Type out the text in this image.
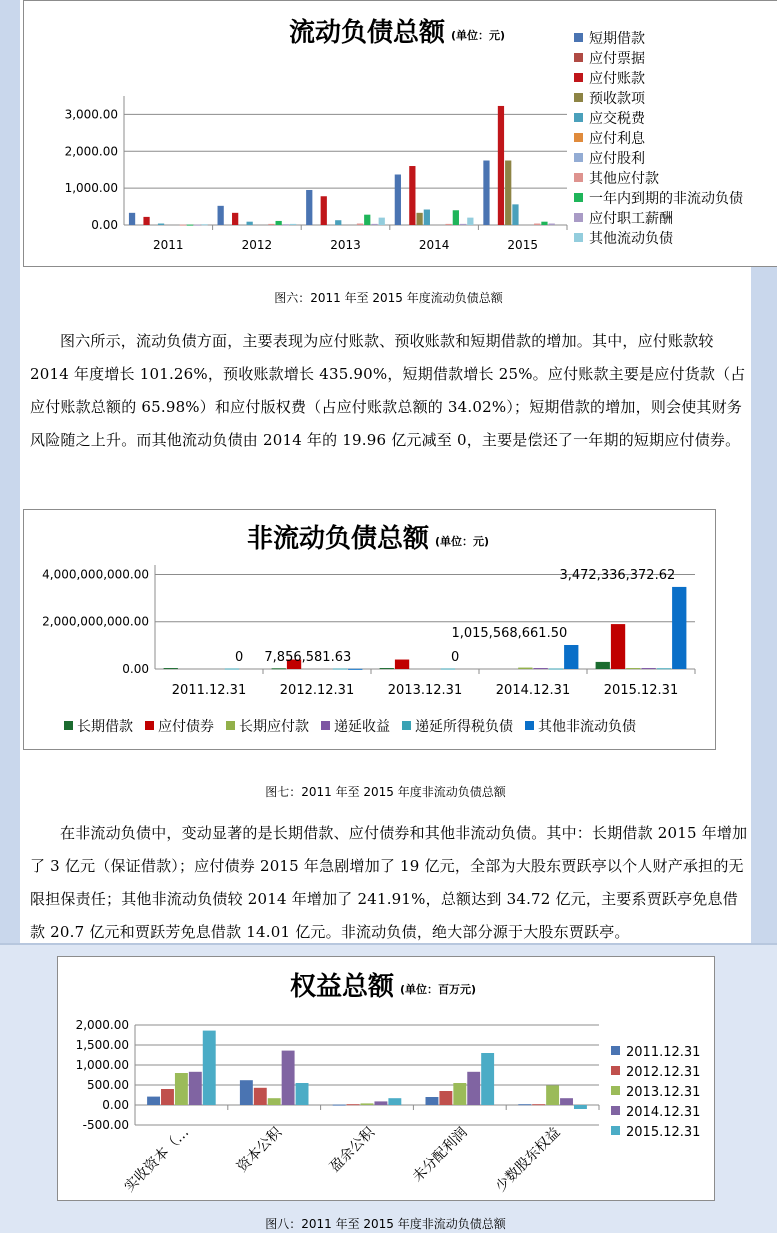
流动负债总额 (单位：元)
0.00
1,000.00
2,000.00
3,000.00
2011	2012	2013	2014	2015
短期借款
应付票据
应付账款
预收款项
应交税费
应付利息
应付股利
其他应付款
一年内到期的非流动负债
应付职工薪酬
其他流动负债
图六：2011 年至 2015 年度流动负债总额
图六所示，流动负债方面，主要表现为应付账款、预收账款和短期借款的增加。其中，应付账款较 2014 年度增长 101.26%，预收账款增长 435.90%，短期借款增长 25%。应付账款主要是应付货款（占应付账款总额的 65.98%）和应付版权费（占应付账款总额的 34.02%）；短期借款的增加，则会使其财务风险随之上升。而其他流动负债由 2014 年的 19.96 亿元减至 0，主要是偿还了一年期的短期应付债券。
非流动负债总额 (单位：元)
0.00
2,000,000,000.00
4,000,000,000.00
2011.12.31
0
2012.12.31
7,856,581.63
2013.12.31
0
2014.12.31
1,015,568,661.50
2015.12.31
3,472,336,372.62
长期借款 应付债券 长期应付款 递延收益 递延所得税负债 其他非流动负债
图七：2011 年至 2015 年度非流动负债总额
在非流动负债中，变动显著的是长期借款、应付债券和其他非流动负债。其中：长期借款 2015 年增加了 3 亿元（保证借款）；应付债券 2015 年急剧增加了 19 亿元，全部为大股东贾跃亭以个人财产承担的无限担保责任；其他非流动负债较 2014 年增加了 241.91%，总额达到 34.72 亿元，主要系贾跃亭免息借款 20.7 亿元和贾跃芳免息借款 14.01 亿元。非流动负债，绝大部分源于大股东贾跃亭。
权益总额 (单位：百万元)
-500.00
0.00
500.00
1,000.00
1,500.00
2,000.00
实收资本（…	资本公积	盈余公积 未分配利润 少数股东权益
2011.12.31
2012.12.31
2013.12.31
2014.12.31
2015.12.31
图八：2011 年至 2015 年度非流动负债总额
